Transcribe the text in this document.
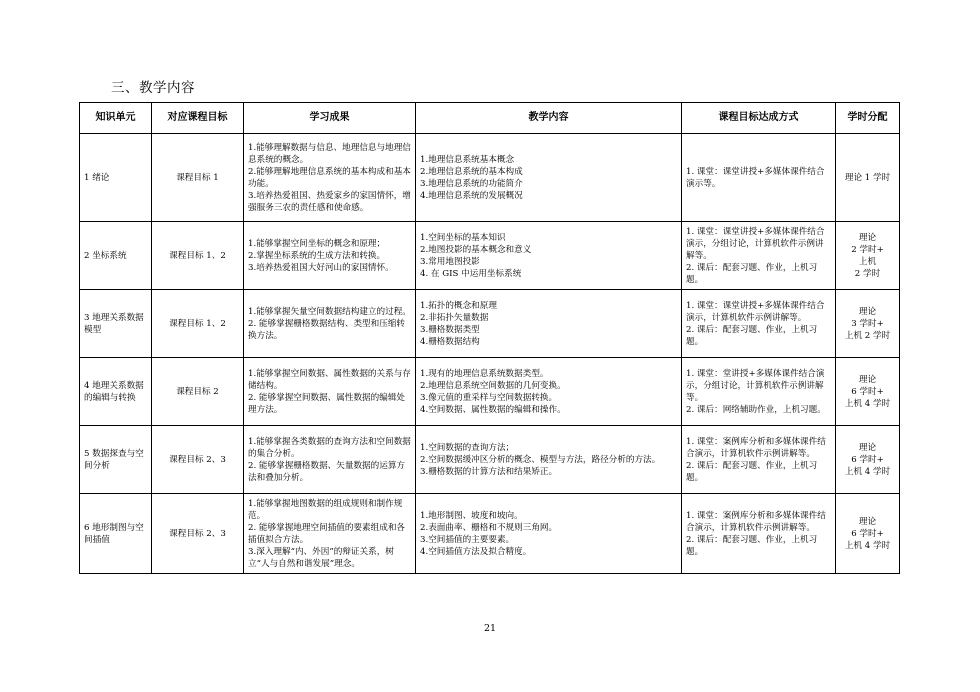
三、教学内容
知识单元	对应课程目标	学习成果	教学内容	课程目标达成方式	学时分配
1 绪论	课程目标 1	1.能够理解数据与信息、地理信息与地理信息系统的概念。
2.能够理解地理信息系统的基本构成和基本功能。
3.培养热爱祖国、热爱家乡的家国情怀，增强服务三农的责任感和使命感。	1.地理信息系统基本概念
2.地理信息系统的基本构成
3.地理信息系统的功能简介
4.地理信息系统的发展概况	1. 课堂：课堂讲授+多媒体课件结合演示等。	理论 1 学时

2 坐标系统	课程目标 1、2	1.能够掌握空间坐标的概念和原理；
2.掌握坐标系统的生成方法和转换。
3.培养热爱祖国大好河山的家国情怀。	1.空间坐标的基本知识
2.地图投影的基本概念和意义
3.常用地图投影
4. 在 GIS 中运用坐标系统	1. 课堂：课堂讲授+多媒体课件结合演示，分组讨论，计算机软件示例讲解等。
2. 课后：配套习题、作业，上机习题。	理论
2 学时+
上机
2 学时

3 地理关系数据模型	课程目标 1、2	1.能够掌握矢量空间数据结构建立的过程。
2. 能够掌握栅格数据结构、类型和压缩转换方法。	1.拓扑的概念和原理
2.非拓扑矢量数据
3.栅格数据类型
4.栅格数据结构	1. 课堂：课堂讲授+多媒体课件结合演示，计算机软件示例讲解等。
2. 课后：配套习题、作业，上机习题。	理论
3 学时+
上机 2 学时

4 地理关系数据的编辑与转换	课程目标 2	1.能够掌握空间数据、属性数据的关系与存储结构。
2. 能够掌握空间数据、属性数据的编辑处理方法。	1.现有的地理信息系统数据类型。
2.地理信息系统空间数据的几何变换。
3.像元值的重采样与空间数据转换。
4.空间数据、属性数据的编辑和操作。	1. 课堂：堂讲授+多媒体课件结合演示，分组讨论，计算机软件示例讲解等。
2. 课后：网络辅助作业，上机习题。	理论
6 学时+
上机 4 学时

5 数据探查与空间分析	课程目标 2、3	1.能够掌握各类数据的查询方法和空间数据的集合分析。
2. 能够掌握栅格数据、矢量数据的运算方法和叠加分析。	1.空间数据的查询方法；
2.空间数据缓冲区分析的概念、模型与方法，路径分析的方法。
3.栅格数据的计算方法和结果矫正。	1. 课堂：案例库分析和多媒体课件结合演示，计算机软件示例讲解等。
2. 课后：配套习题、作业，上机习题。	理论
6 学时+
上机 4 学时

6 地形制图与空间插值	课程目标 2、3	1.能够掌握地图数据的组成规则和制作规范。
2. 能够掌握地理空间插值的要素组成和各插值拟合方法。
3.深入理解“内、外因”的辩证关系，树立“人与自然和谐发展”理念。	1.地形制图、坡度和坡向。
2.表面曲率、栅格和不规则三角网。
3.空间插值的主要要素。
4.空间插值方法及拟合精度。	1. 课堂：案例库分析和多媒体课件结合演示，计算机软件示例讲解等。
2. 课后：配套习题、作业，上机习题。	理论
6 学时+
上机 4 学时
21
